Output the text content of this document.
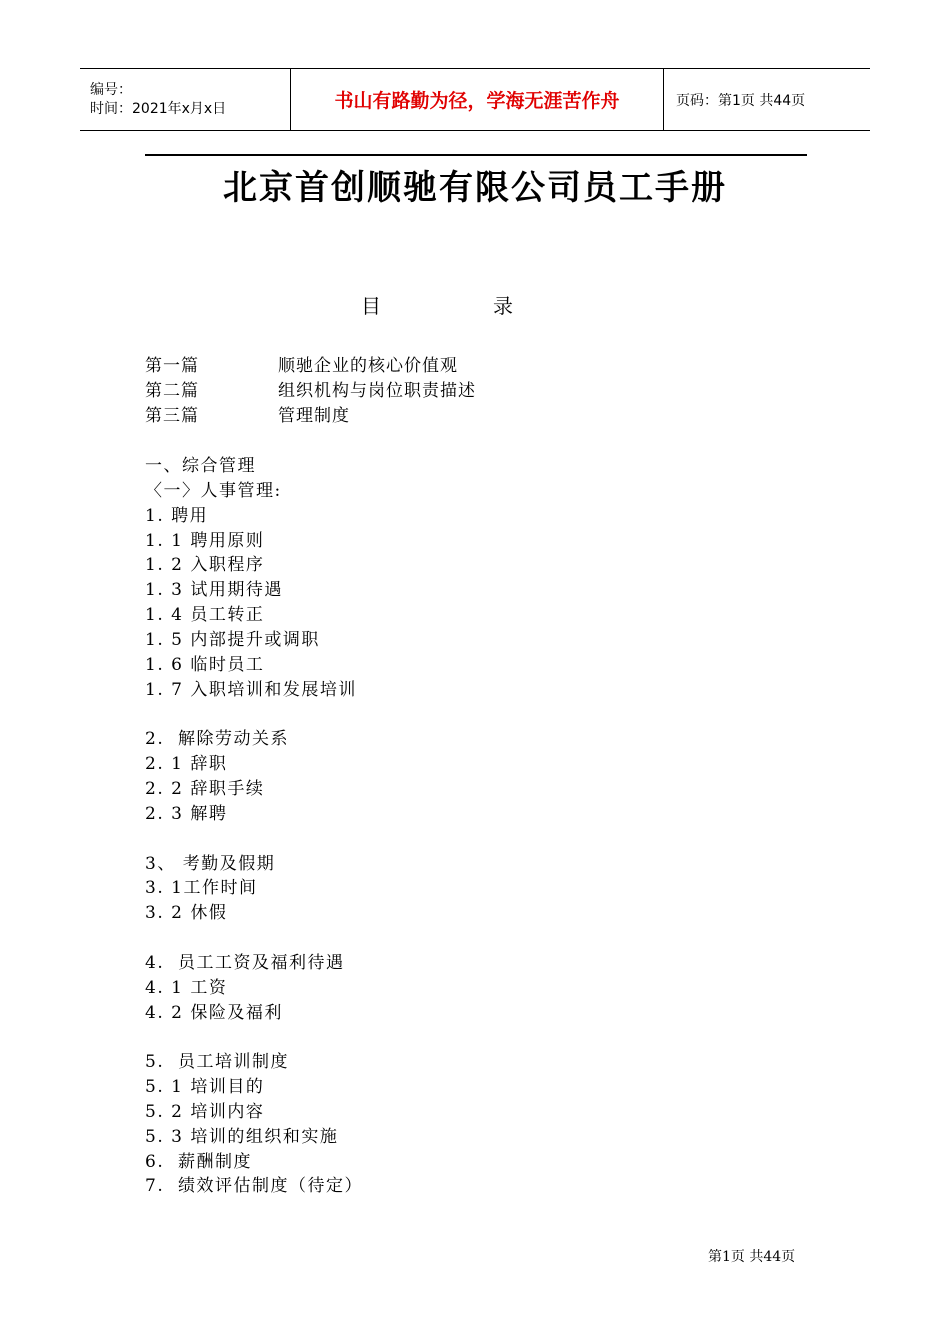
编号：
时间：2021年x月x日	书山有路勤为径，学海无涯苦作舟	页码：第1页 共44页
北京首创顺驰有限公司员工手册
目	录
第一篇	顺驰企业的核心价值观
第二篇	组织机构与岗位职责描述
第三篇	管理制度
一、综合管理
〈一〉人事管理:
1. 聘用
1. 1 聘用原则
1. 2 入职程序
1. 3 试用期待遇
1. 4 员工转正
1. 5 内部提升或调职
1. 6 临时员工
1. 7 入职培训和发展培训
2.  解除劳动关系
2. 1 辞职
2. 2 辞职手续
2. 3 解聘
3、 考勤及假期
3. 1工作时间
3. 2 休假
4.  员工工资及福利待遇
4. 1 工资
4. 2 保险及福利
5.  员工培训制度
5. 1 培训目的
5. 2 培训内容
5. 3 培训的组织和实施
6.  薪酬制度
7.  绩效评估制度（待定）
第1页 共44页
